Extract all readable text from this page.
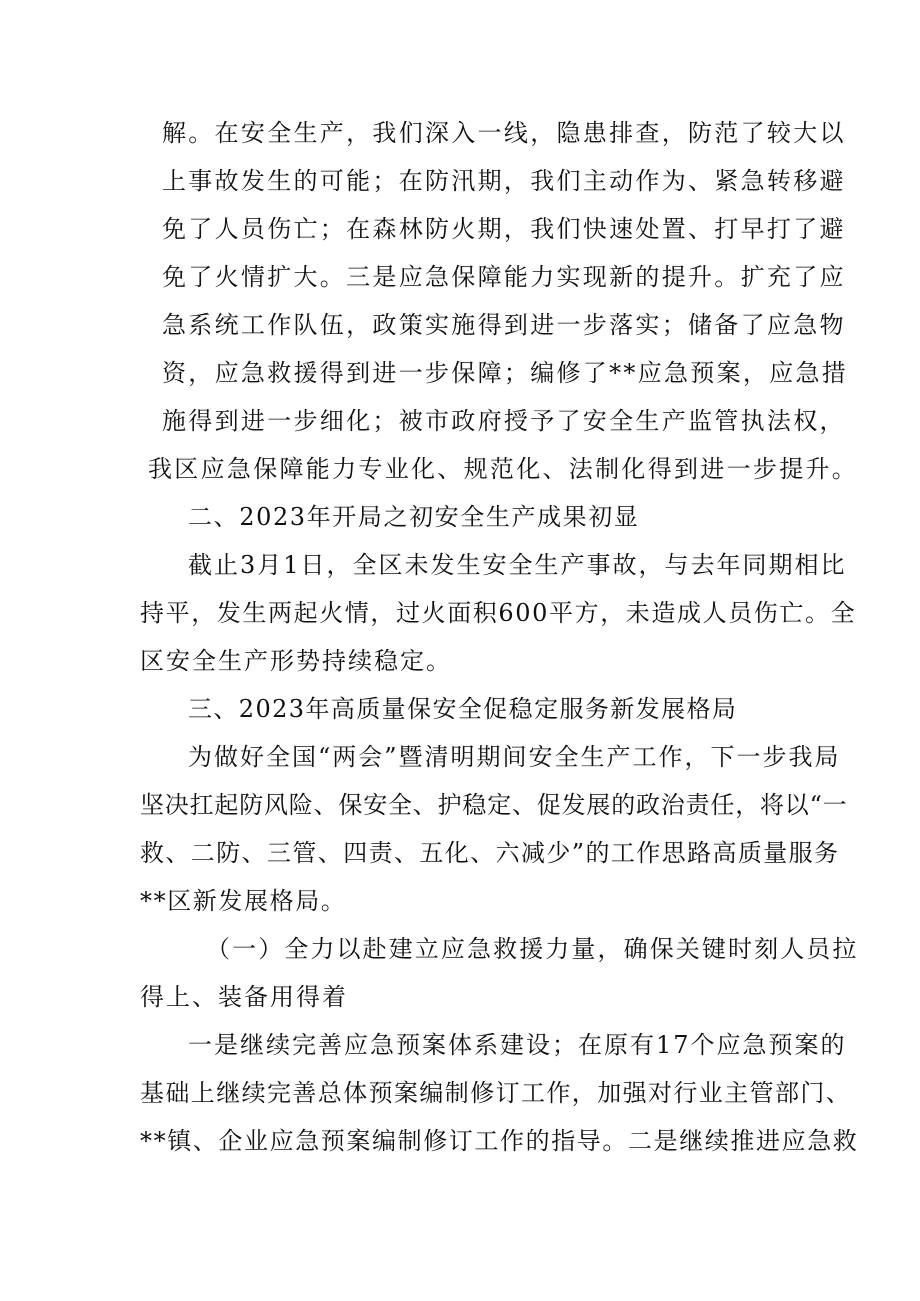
解。在安全生产，我们深入一线，隐患排查，防范了较大以
上事故发生的可能；在防汛期，我们主动作为、紧急转移避
免了人员伤亡；在森林防火期，我们快速处置、打早打了避
免了火情扩大。三是应急保障能力实现新的提升。扩充了应
急系统工作队伍，政策实施得到进一步落实；储备了应急物
资，应急救援得到进一步保障；编修了**应急预案，应急措
施得到进一步细化；被市政府授予了安全生产监管执法权，
我区应急保障能力专业化、规范化、法制化得到进一步提升。
二、2023年开局之初安全生产成果初显
截止3月1日，全区未发生安全生产事故，与去年同期相比
持平，发生两起火情，过火面积600平方，未造成人员伤亡。全
区安全生产形势持续稳定。
三、2023年高质量保安全促稳定服务新发展格局
为做好全国“两会”暨清明期间安全生产工作，下一步我局
坚决扛起防风险、保安全、护稳定、促发展的政治责任，将以“一
救、二防、三管、四责、五化、六减少”的工作思路高质量服务
**区新发展格局。
（一）全力以赴建立应急救援力量，确保关键时刻人员拉
得上、装备用得着
一是继续完善应急预案体系建设；在原有17个应急预案的
基础上继续完善总体预案编制修订工作，加强对行业主管部门、
**镇、企业应急预案编制修订工作的指导。二是继续推进应急救
